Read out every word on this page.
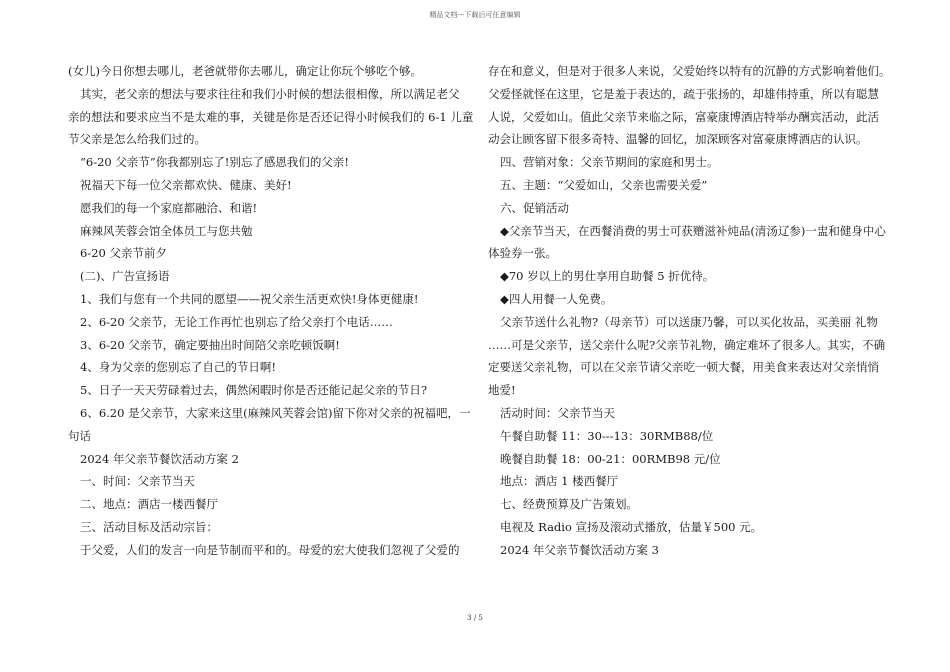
精品文档---下载后可任意编辑
(女儿)今日你想去哪儿，老爸就带你去哪儿，确定让你玩个够吃个够。
其实，老父亲的想法与要求往往和我们小时候的想法很相像，所以满足老父
亲的想法和要求应当不是太难的事，关键是你是否还记得小时候我们的 6-1 儿童
节父亲是怎么给我们过的。
“6-20 父亲节”你我都别忘了!别忘了感恩我们的父亲!
祝福天下每一位父亲都欢快、健康、美好!
愿我们的每一个家庭都融洽、和谐!
麻辣风芙蓉会馆全体员工与您共勉
6-20 父亲节前夕
(二)、广告宣扬语
1、我们与您有一个共同的愿望——祝父亲生活更欢快!身体更健康!
2、6-20 父亲节，无论工作再忙也别忘了给父亲打个电话……
3、6-20 父亲节，确定要抽出时间陪父亲吃顿饭啊!
4、身为父亲的您别忘了自己的节日啊!
5、日子一天天劳碌着过去，偶然闲暇时你是否还能记起父亲的节日?
6、6.20 是父亲节，大家来这里(麻辣风芙蓉会馆)留下你对父亲的祝福吧，一
句话
2024 年父亲节餐饮活动方案 2
一、时间：父亲节当天
二、地点：酒店一楼西餐厅
三、活动目标及活动宗旨：
于父爱，人们的发言一向是节制而平和的。母爱的宏大使我们忽视了父爱的
存在和意义，但是对于很多人来说，父爱始终以特有的沉静的方式影响着他们。
父爱怪就怪在这里，它是羞于表达的，疏于张扬的，却雄伟持重，所以有聪慧
人说，父爱如山。值此父亲节来临之际，富豪康博酒店特举办酬宾活动，此活
动会让顾客留下很多奇特、温馨的回忆，加深顾客对富豪康博酒店的认识。
四、营销对象：父亲节期间的家庭和男士。
五、主题：“父爱如山，父亲也需要关爱”
六、促销活动
◆父亲节当天，在西餐消费的男士可获赠滋补炖品(清汤辽参)一盅和健身中心
体验券一张。
◆70 岁以上的男仕享用自助餐 5 折优待。
◆四人用餐一人免费。
父亲节送什么礼物?（母亲节）可以送康乃馨，可以买化妆品，买美丽 礼物
……可是父亲节，送父亲什么呢?父亲节礼物，确定难坏了很多人。其实，不确
定要送父亲礼物，可以在父亲节请父亲吃一顿大餐，用美食来表达对父亲悄悄
地爱!
活动时间：父亲节当天
午餐自助餐 11：30---13：30RMB88/位
晚餐自助餐 18：00-21：00RMB98 元/位
地点：酒店 1 楼西餐厅
七、经费预算及广告策划。
电视及 Radio 宣扬及滚动式播放，估量￥500 元。
2024 年父亲节餐饮活动方案 3
3 / 5
